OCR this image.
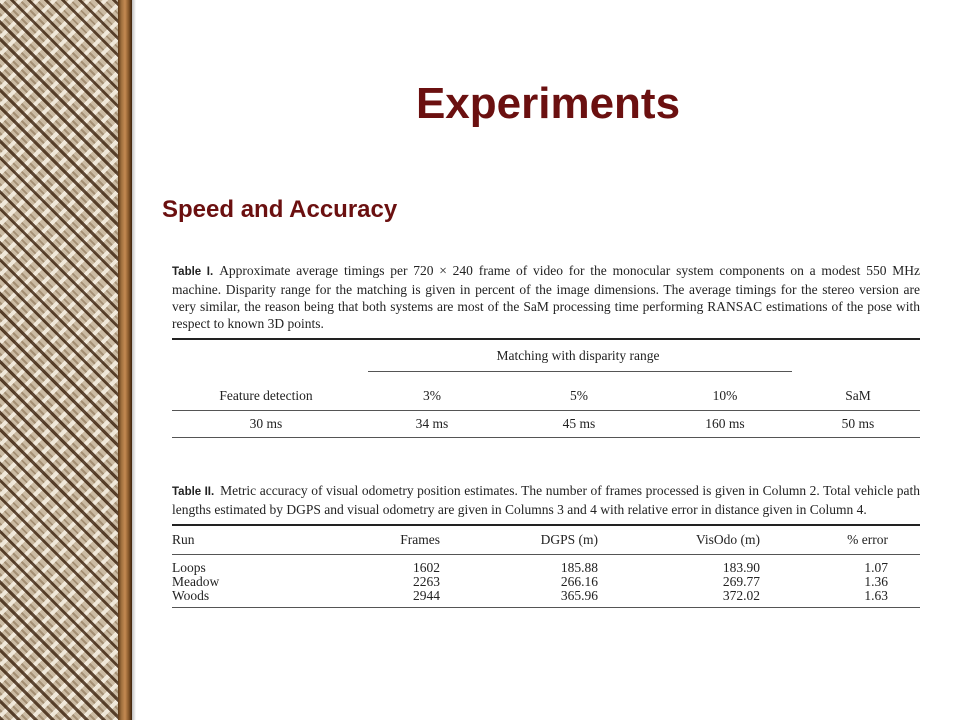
Experiments
Speed and Accuracy

Table I. Approximate average timings per 720 × 240 frame of video for the monocular system components on a modest 550 MHz machine. Disparity range for the matching is given in percent of the image dimensions. The average timings for the stereo version are very similar, the reason being that both systems are most of the SaM processing time performing RANSAC estimations of the pose with respect to known 3D points.

Matching with disparity range
Feature detection	3%	5%	10%	SaM
30 ms	34 ms	45 ms	160 ms	50 ms

Table II. Metric accuracy of visual odometry position estimates. The number of frames processed is given in Column 2. Total vehicle path lengths estimated by DGPS and visual odometry are given in Columns 3 and 4 with relative error in distance given in Column 4.

Run	Frames	DGPS (m)	VisOdo (m)	% error
Loops	1602	185.88	183.90	1.07
Meadow	2263	266.16	269.77	1.36
Woods	2944	365.96	372.02	1.63
